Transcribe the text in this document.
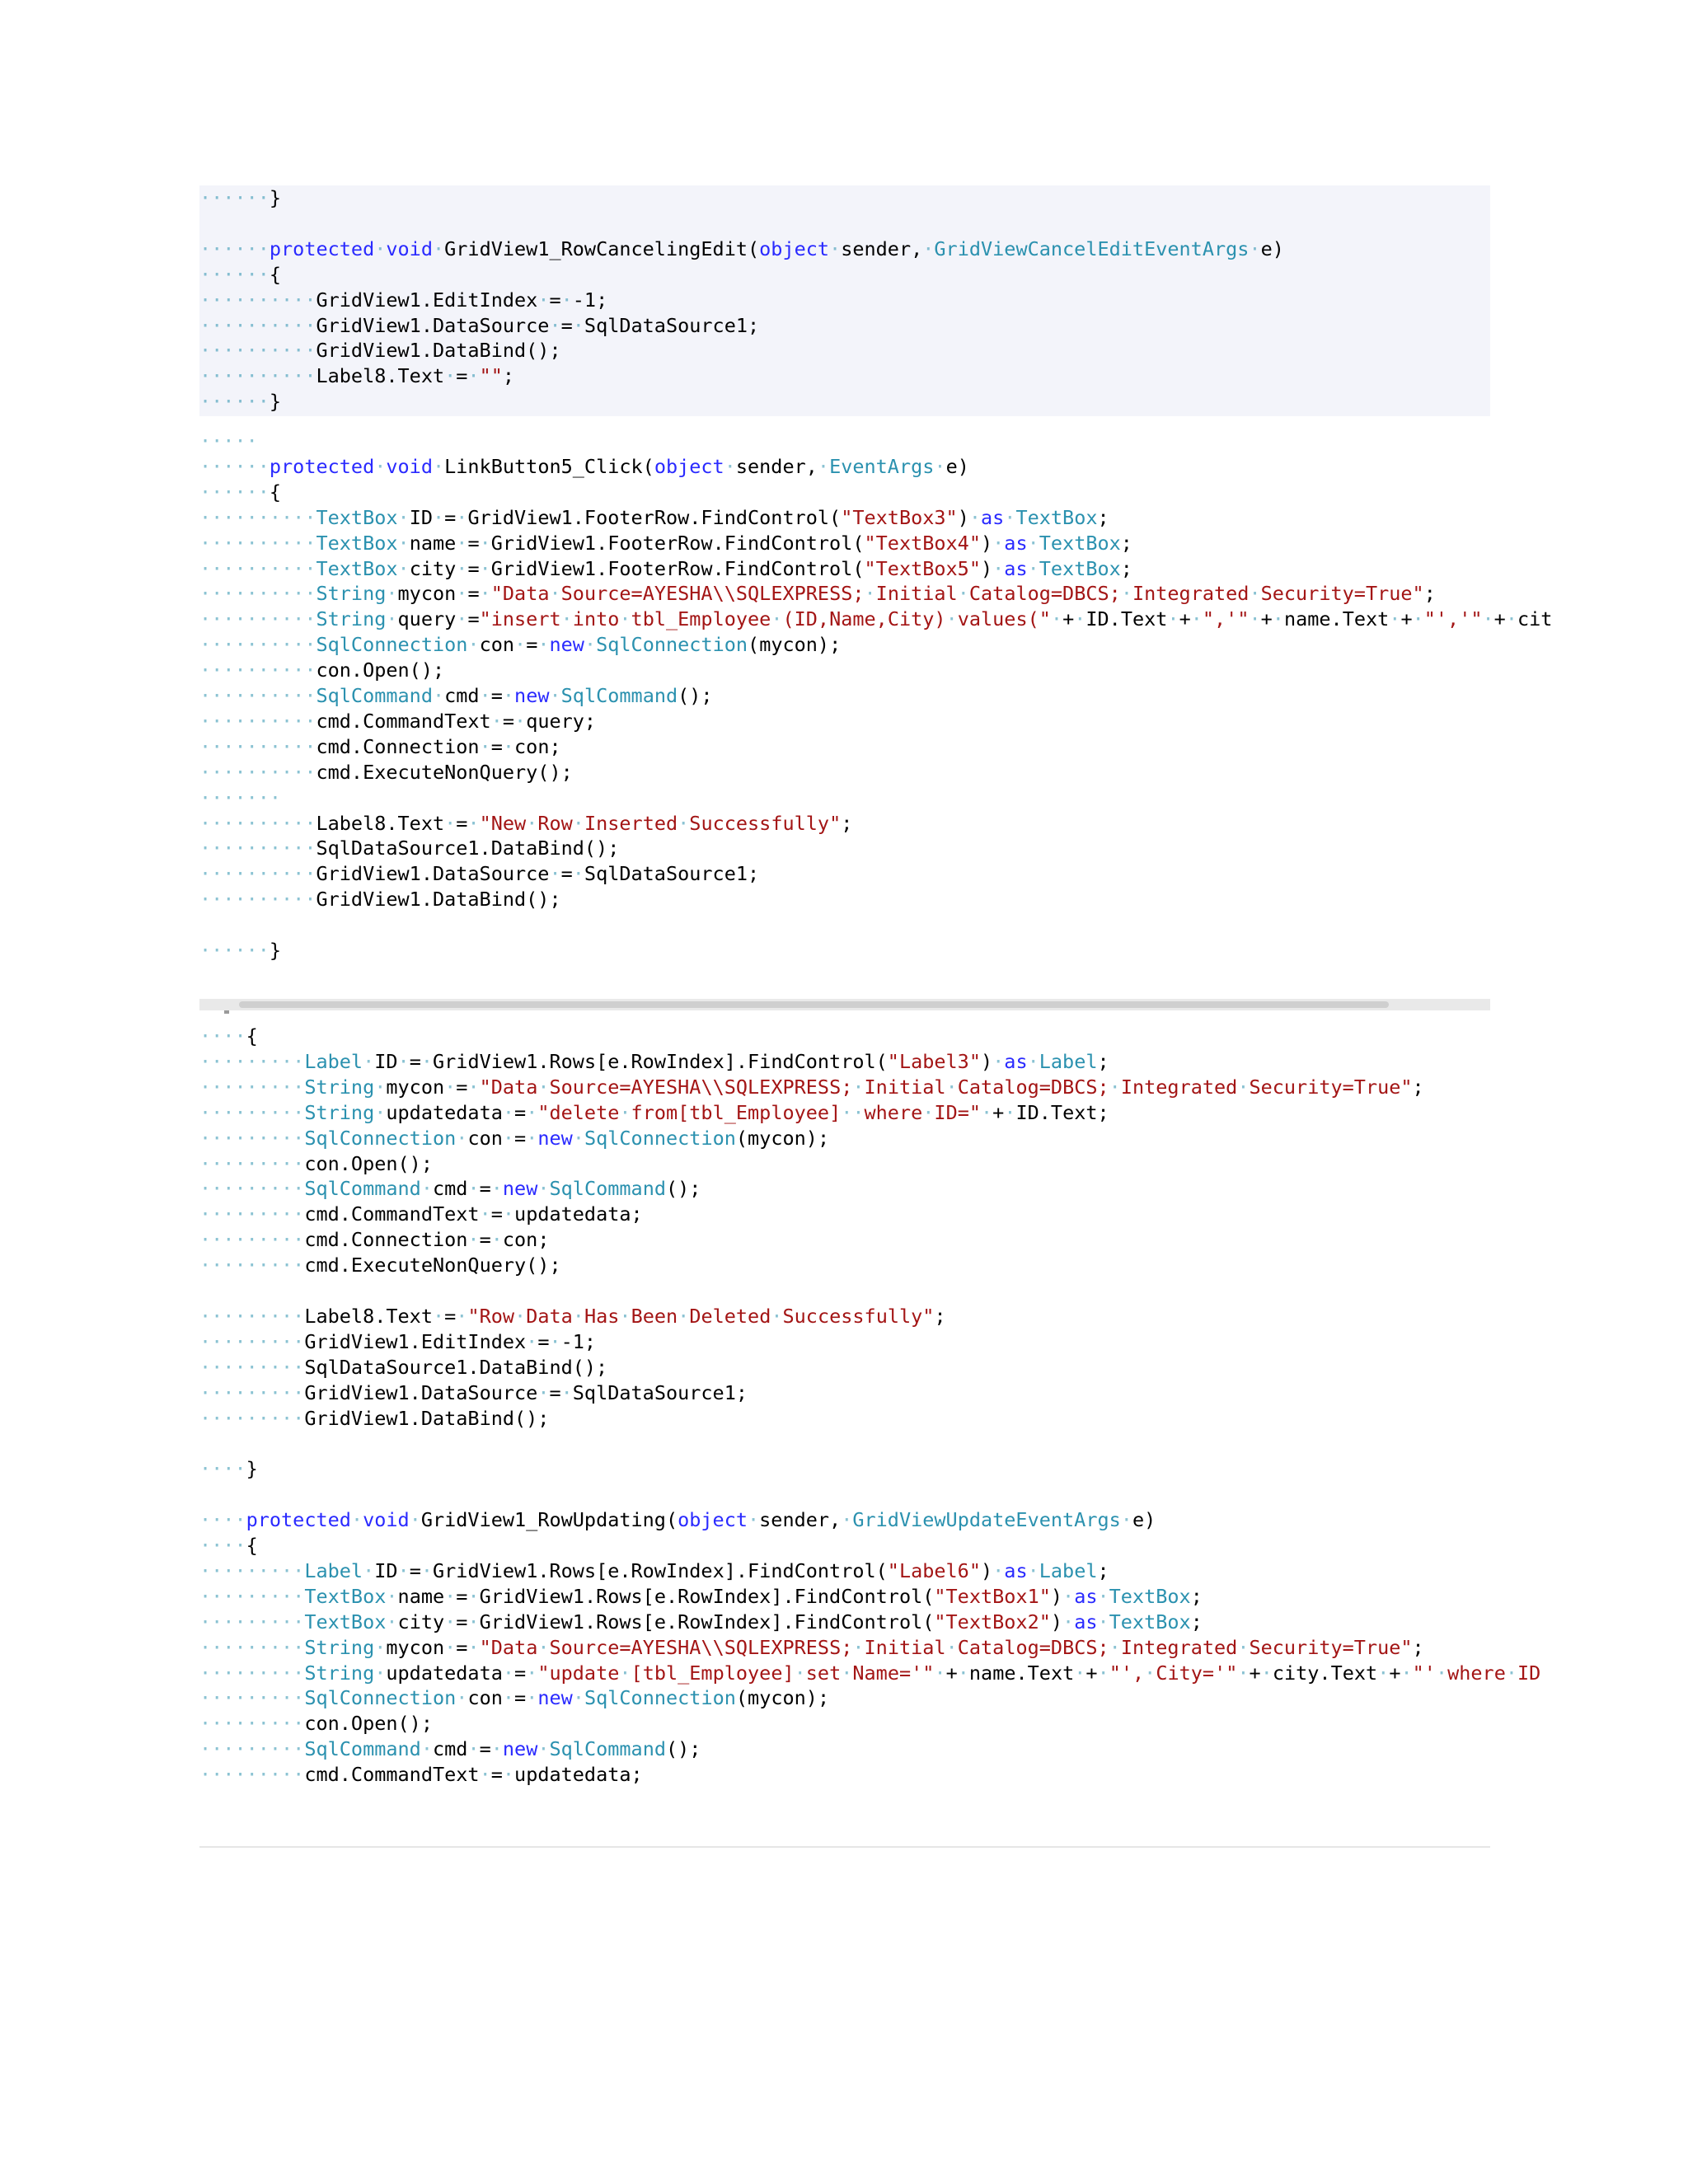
······}
······protected·void·GridView1_RowCancelingEdit(object·sender,·GridViewCancelEditEventArgs·e)
······{
··········GridView1.EditIndex·=·-1;
··········GridView1.DataSource·=·SqlDataSource1;
··········GridView1.DataBind();
··········Label8.Text·=·"";
······}
·····
······protected·void·LinkButton5_Click(object·sender,·EventArgs·e)
······{
··········TextBox·ID·=·GridView1.FooterRow.FindControl("TextBox3")·as·TextBox;
··········TextBox·name·=·GridView1.FooterRow.FindControl("TextBox4")·as·TextBox;
··········TextBox·city·=·GridView1.FooterRow.FindControl("TextBox5")·as·TextBox;
··········String·mycon·=·"Data·Source=AYESHA\\SQLEXPRESS;·Initial·Catalog=DBCS;·Integrated·Security=True";
··········String·query·="insert·into·tbl_Employee·(ID,Name,City)·values("·+·ID.Text·+·",'"·+·name.Text·+·"','"·+·cit
··········SqlConnection·con·=·new·SqlConnection(mycon);
··········con.Open();
··········SqlCommand·cmd·=·new·SqlCommand();
··········cmd.CommandText·=·query;
··········cmd.Connection·=·con;
··········cmd.ExecuteNonQuery();
·······
··········Label8.Text·=·"New·Row·Inserted·Successfully";
··········SqlDataSource1.DataBind();
··········GridView1.DataSource·=·SqlDataSource1;
··········GridView1.DataBind();
······}
····{
·········Label·ID·=·GridView1.Rows[e.RowIndex].FindControl("Label3")·as·Label;
·········String·mycon·=·"Data·Source=AYESHA\\SQLEXPRESS;·Initial·Catalog=DBCS;·Integrated·Security=True";
·········String·updatedata·=·"delete·from[tbl_Employee]··where·ID="·+·ID.Text;
·········SqlConnection·con·=·new·SqlConnection(mycon);
·········con.Open();
·········SqlCommand·cmd·=·new·SqlCommand();
·········cmd.CommandText·=·updatedata;
·········cmd.Connection·=·con;
·········cmd.ExecuteNonQuery();
·········Label8.Text·=·"Row·Data·Has·Been·Deleted·Successfully";
·········GridView1.EditIndex·=·-1;
·········SqlDataSource1.DataBind();
·········GridView1.DataSource·=·SqlDataSource1;
·········GridView1.DataBind();
····}
····protected·void·GridView1_RowUpdating(object·sender,·GridViewUpdateEventArgs·e)
····{
·········Label·ID·=·GridView1.Rows[e.RowIndex].FindControl("Label6")·as·Label;
·········TextBox·name·=·GridView1.Rows[e.RowIndex].FindControl("TextBox1")·as·TextBox;
·········TextBox·city·=·GridView1.Rows[e.RowIndex].FindControl("TextBox2")·as·TextBox;
·········String·mycon·=·"Data·Source=AYESHA\\SQLEXPRESS;·Initial·Catalog=DBCS;·Integrated·Security=True";
·········String·updatedata·=·"update·[tbl_Employee]·set·Name='"·+·name.Text·+·"',·City='"·+·city.Text·+·"'·where·ID
·········SqlConnection·con·=·new·SqlConnection(mycon);
·········con.Open();
·········SqlCommand·cmd·=·new·SqlCommand();
·········cmd.CommandText·=·updatedata;
